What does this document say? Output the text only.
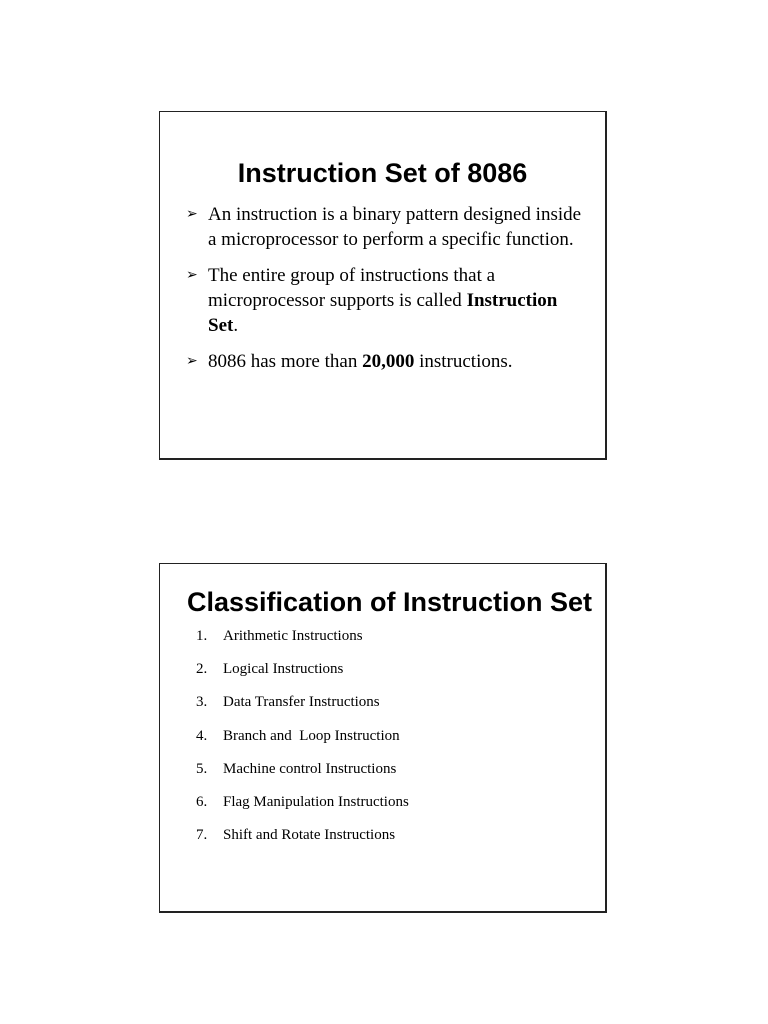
Instruction Set of 8086
➢ An instruction is a binary pattern designed inside a microprocessor to perform a specific function.
➢ The entire group of instructions that a microprocessor supports is called Instruction Set.
➢ 8086 has more than 20,000 instructions.
Classification of Instruction Set
1. Arithmetic Instructions
2. Logical Instructions
3. Data Transfer Instructions
4. Branch and  Loop Instruction
5. Machine control Instructions
6. Flag Manipulation Instructions
7. Shift and Rotate Instructions
